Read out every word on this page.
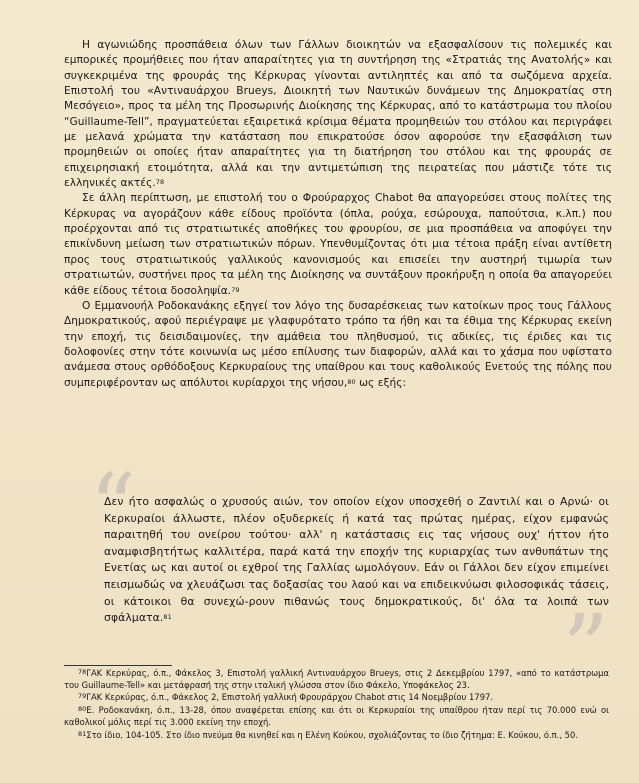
Η αγωνιώδης προσπάθεια όλων των Γάλλων διοικητών να εξασφαλίσουν τις πολεμικές και εμπορικές προμήθειες που ήταν απαραίτητες για τη συντήρηση της «Στρατιάς της Ανατολής» και συγκεκριμένα της φρουράς της Κέρκυρας γίνονται αντιληπτές και από τα σωζόμενα αρχεία. Επιστολή του «Αντιναυάρχου Brueys, Διοικητή των Ναυτικών δυνάμεων της Δημοκρατίας στη Μεσόγειο», προς τα μέλη της Προσωρινής Διοίκησης της Κέρκυρας, από το κατάστρωμα του πλοίου “Guillaume-Tell”, πραγματεύεται εξαιρετικά κρίσιμα θέματα προμηθειών του στόλου και περιγράφει με μελανά χρώματα την κατάσταση που επικρατούσε όσον αφορούσε την εξασφάλιση των προμηθειών οι οποίες ήταν απαραίτητες για τη διατήρηση του στόλου και της φρουράς σε επιχειρησιακή ετοιμότητα, αλλά και την αντιμετώπιση της πειρατείας που μάστιζε τότε τις ελληνικές ακτές.$^{78}$

Σε άλλη περίπτωση, με επιστολή του ο Φρούραρχος Chabot θα απαγορεύσει στους πολίτες της Κέρκυρας να αγοράζουν κάθε είδους προϊόντα (όπλα, ρούχα, εσώρουχα, παπούτσια, κ.λπ.) που προέρχονται από τις στρατιωτικές αποθήκες του φρουρίου, σε μια προσπάθεια να αποφύγει την επικίνδυνη μείωση των στρατιωτικών πόρων. Υπενθυμίζοντας ότι μια τέτοια πράξη είναι αντίθετη προς τους στρατιωτικούς γαλλικούς κανονισμούς και επισείει την αυστηρή τιμωρία των στρατιωτών, συστήνει προς τα μέλη της Διοίκησης να συντάξουν προκήρυξη η οποία θα απαγορεύει κάθε είδους τέτοια δοσοληψία.$^{79}$

Ο Εμμανουήλ Ροδοκανάκης εξηγεί τον λόγο της δυσαρέσκειας των κατοίκων προς τους Γάλλους Δημοκρατικούς, αφού περιέγραψε με γλαφυρότατο τρόπο τα ήθη και τα έθιμα της Κέρκυρας εκείνη την εποχή, τις δεισιδαιμονίες, την αμάθεια του πληθυσμού, τις αδικίες, τις έριδες και τις δολοφονίες στην τότε κοινωνία ως μέσο επίλυσης των διαφορών, αλλά και το χάσμα που υφίστατο ανάμεσα στους ορθόδοξους Κερκυραίους της υπαίθρου και τους καθολικούς Ενετούς της πόλης που συμπεριφέρονταν ως απόλυτοι κυρίαρχοι της νήσου,$^{80}$ ως εξής:

“

Δεν ήτο ασφαλώς ο χρυσούς αιών, τον οποίον είχον υποσχεθή ο Ζαντιλί και ο Αρνώ· οι Κερκυραίοι άλλωστε, πλέον οξυδερκείς ή κατά τας πρώτας ημέρας, είχον εμφανώς παραιτηθή του ονείρου τούτου· αλλ' η κατάστασις εις τας νήσους ουχ' ήττον ήτο αναμφισβητήτως καλλιτέρα, παρά κατά την εποχήν της κυριαρχίας των ανθυπάτων της Ενετίας ως και αυτοί οι εχθροί της Γαλλίας ωμολόγουν. Εάν οι Γάλλοι δεν είχον επιμείνει πεισμωδώς να χλευάζωσι τας δοξασίας του λαού και να επιδεικνύωσι φιλοσοφικάς τάσεις, οι κάτοικοι θα συνεχώ-ρουν πιθανώς τους δημοκρατικούς, δι' όλα τα λοιπά των σφάλματα.$^{81}$	”

$^{78}$ΓΑΚ Κερκύρας, ό.π., Φάκελος 3, Επιστολή γαλλική Αντιναυάρχου Brueys, στις 2 Δεκεμβρίου 1797, «από το κατάστρωμα του Guillaume-Tell» και μετάφρασή της στην ιταλική γλώσσα στον ίδιο Φάκελο, Υποφάκελος 23.

$^{79}$ΓΑΚ Κερκύρας, ό.π., Φάκελος 2, Επιστολή γαλλική Φρουράρχου Chabot στις 14 Νοεμβρίου 1797.

$^{80}$Ε. Ροδοκανάκη, ό.π., 13-28, όπου αναφέρεται επίσης και ότι οι Κερκυραίοι της υπαίθρου ήταν περί τις 70.000 ενώ οι καθολικοί μόλις περί τις 3.000 εκείνη την εποχή.

$^{81}$Στο ίδιο, 104-105. Στο ίδιο πνεύμα θα κινηθεί και η Ελένη Κούκου, σχολιάζοντας το ίδιο ζήτημα: Ε. Κούκου, ό.π., 50.
